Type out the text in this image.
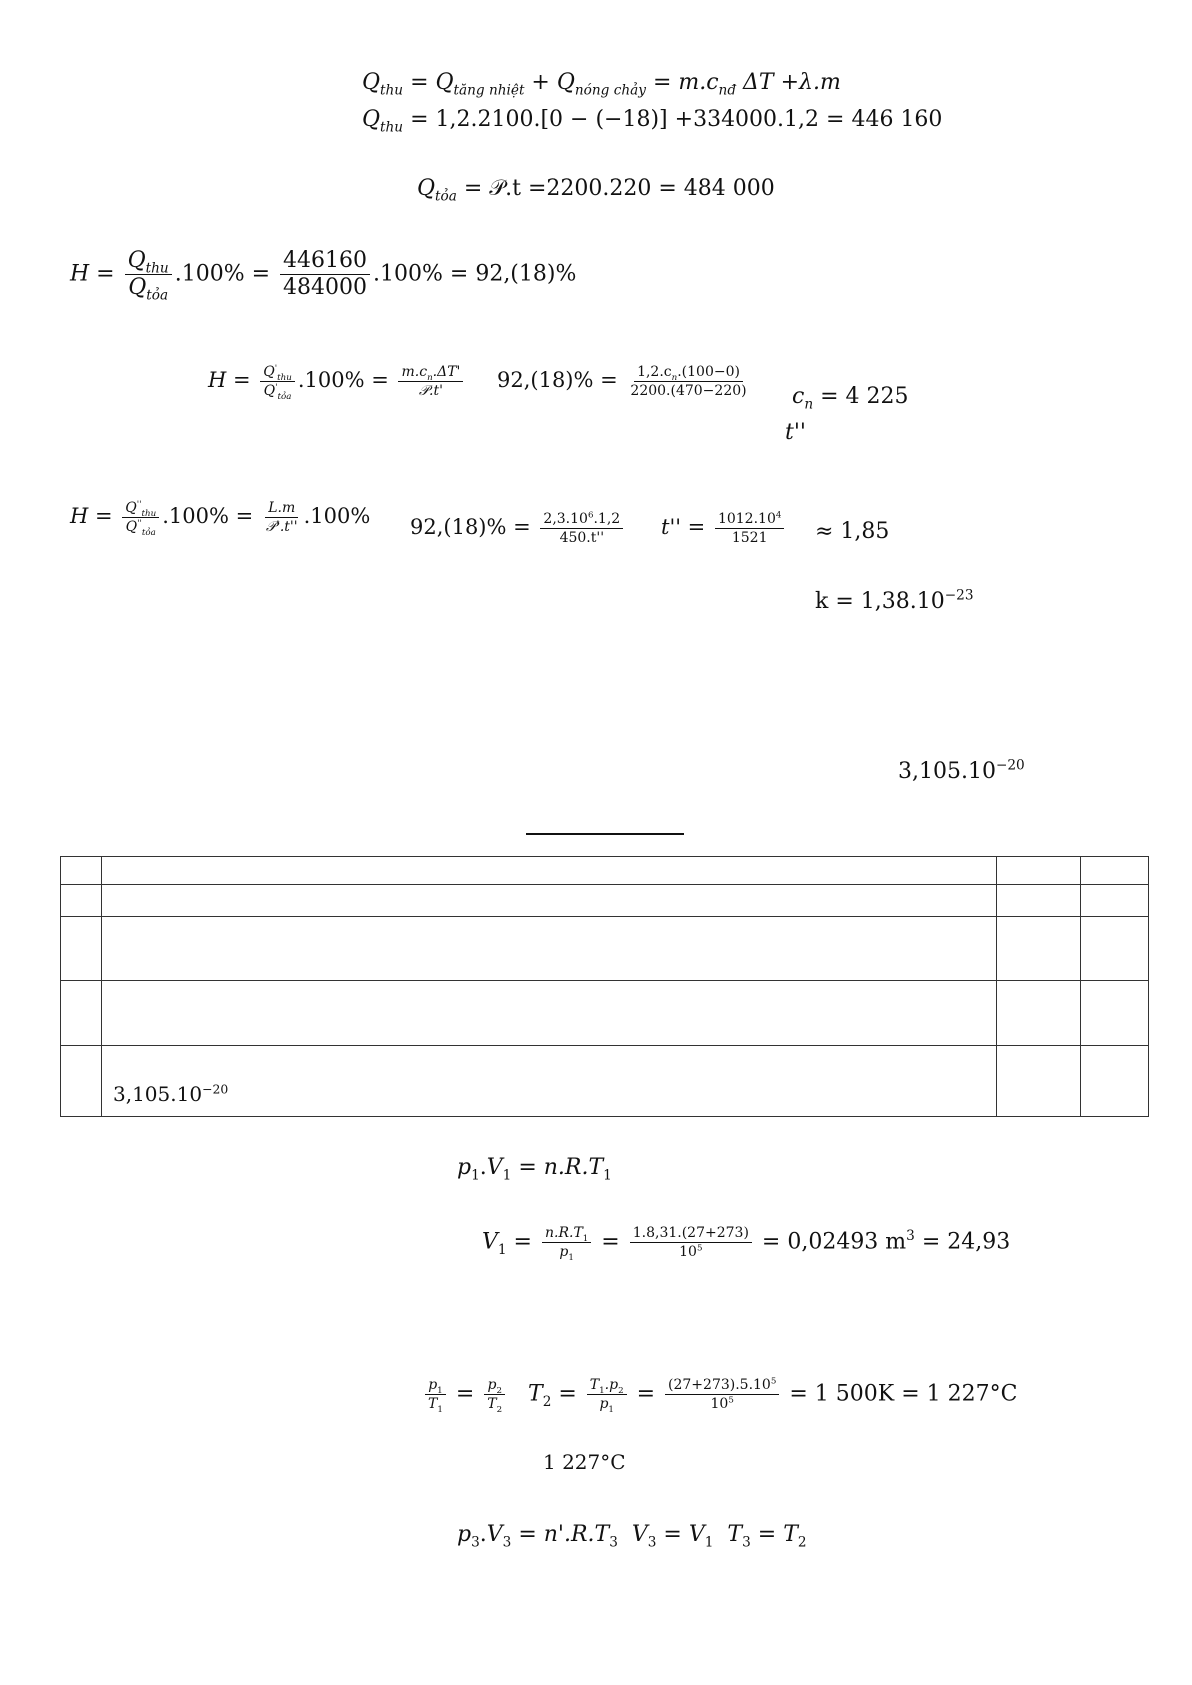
$Q_{thu} = Q_{tăng nhiệt} + Q_{nóng chảy} = m.c_{nđ}$ ΔT +λ.m
$Q_{thu} = 1,2.2100.[0 - (-18)] +334000.1,2 = 446$ 160
$Q_{tỏa}$ = 𝒫.t =2200.220 = 484 000
$H = \frac{Q_{thu}}{Q_{tỏa}} .100\% = \frac{446160}{484000} .100\% = 92,(18)\%$
$H = \frac{Q'_{thu}}{Q'_{tỏa}} .100\% = \frac{m.c_n.\Delta T'}{\text{𝒫.t'}} 92,(18)\% = \frac{1,2.c_n.(100-0)}{2200.(470-220)} c_n = 4$ 225
t''
$H = \frac{Q''_{thu}}{Q''_{tỏa}} .100\% = \frac{L.m}{\text{𝒫'.t''}} .100\%$ $92,(18)\% = \frac{2,3.10^6.1,2}{450.t''} t'' = \frac{1012.10^4}{1521} \approx 1,85$
$k = 1,38.10^{-23}$
$3,105.10^{-20}$

	$3,105.10^{-20}$

$p_1.V_1 = n.R.T_1$
$V_1 = \frac{n.R.T_1}{p_1} = \frac{1.8,31.(27+273)}{10^5} = 0,02493$ $m^3 = 24,93$
$\frac{p_1}{T_1} = \frac{p_2}{T_2} T_2 = \frac{T_1.p_2}{p_1} = \frac{(27+273).5.10^5}{10^5} = 1$ 500K = 1 227°C
1 227°C
$p_3.V_3 = n'.R.T_3$ $V_3 = V_1$ $T_3 = T_2$
